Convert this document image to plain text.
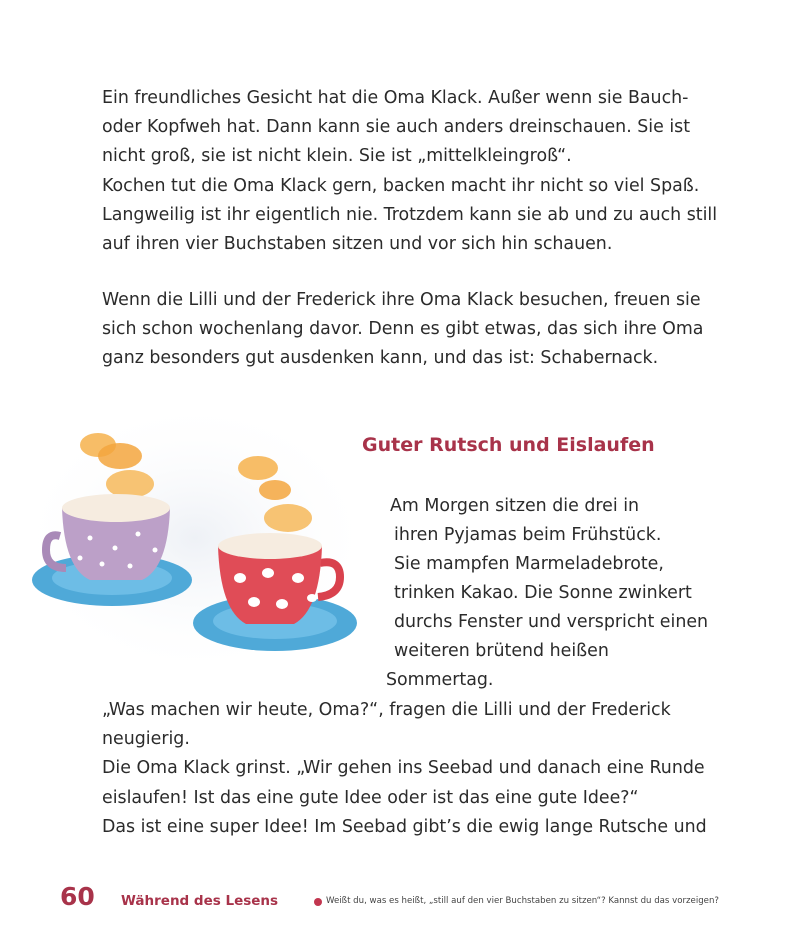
Ein freundliches Gesicht hat die Oma Klack. Außer wenn sie Bauch-
oder Kopfweh hat. Dann kann sie auch anders dreinschauen. Sie ist
nicht groß, sie ist nicht klein. Sie ist „mittelkleingroß“.
Kochen tut die Oma Klack gern, backen macht ihr nicht so viel Spaß.
Langweilig ist ihr eigentlich nie. Trotzdem kann sie ab und zu auch still
auf ihren vier Buchstaben sitzen und vor sich hin schauen.
Wenn die Lilli und der Frederick ihre Oma Klack besuchen, freuen sie
sich schon wochenlang davor. Denn es gibt etwas, das sich ihre Oma
ganz besonders gut ausdenken kann, und das ist: Schabernack.
Guter Rutsch und Eislaufen
Am Morgen sitzen die drei in
ihren Pyjamas beim Frühstück.
Sie mampfen Marmeladebrote,
trinken Kakao. Die Sonne zwinkert
durchs Fenster und verspricht einen
weiteren brütend heißen
Sommertag.
„Was machen wir heute, Oma?“, fragen die Lilli und der Frederick
neugierig.
Die Oma Klack grinst. „Wir gehen ins Seebad und danach eine Runde
eislaufen! Ist das eine gute Idee oder ist das eine gute Idee?“
Das ist eine super Idee! Im Seebad gibt’s die ewig lange Rutsche und
60 Während des Lesens	Weißt du, was es heißt, „still auf den vier Buchstaben zu sitzen“? Kannst du das vorzeigen?
